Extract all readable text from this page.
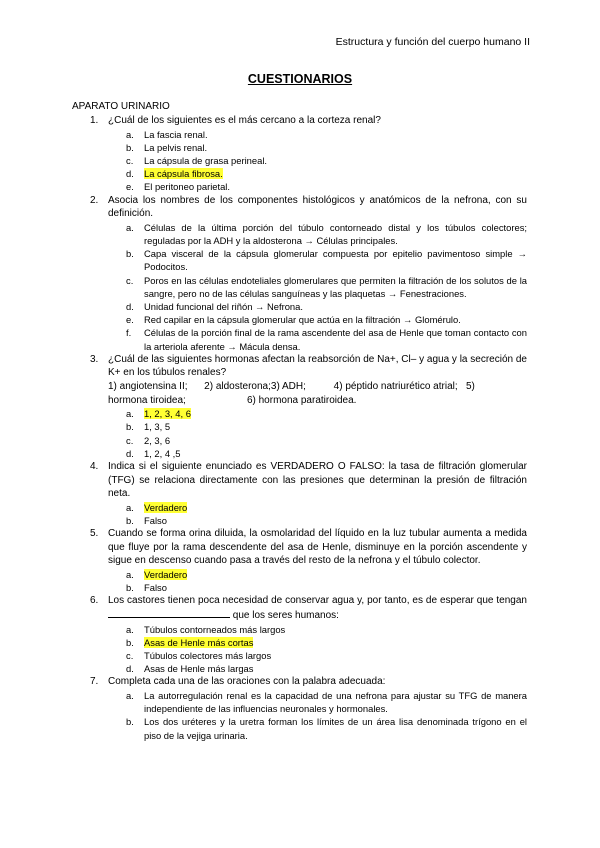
Estructura y función del cuerpo humano II
CUESTIONARIOS
APARATO URINARIO
1. ¿Cuál de los siguientes es el más cercano a la corteza renal?
a. La fascia renal.
b. La pelvis renal.
c. La cápsula de grasa perineal.
d. La cápsula fibrosa.
e. El peritoneo parietal.
2. Asocia los nombres de los componentes histológicos y anatómicos de la nefrona, con su definición.
a. Células de la última porción del túbulo contorneado distal y los túbulos colectores; reguladas por la ADH y la aldosterona → Células principales.
b. Capa visceral de la cápsula glomerular compuesta por epitelio pavimentoso simple → Podocitos.
c. Poros en las células endoteliales glomerulares que permiten la filtración de los solutos de la sangre, pero no de las células sanguíneas y las plaquetas → Fenestraciones.
d. Unidad funcional del riñón → Nefrona.
e. Red capilar en la cápsula glomerular que actúa en la filtración → Glomérulo.
f. Células de la porción final de la rama ascendente del asa de Henle que toman contacto con la arteriola aferente → Mácula densa.
3. ¿Cuál de las siguientes hormonas afectan la reabsorción de Na+, Cl– y agua y la secreción de K+ en los túbulos renales?
1) angiotensina II;      2) aldosterona;3) ADH;          4) péptido natriurético atrial;   5)
hormona tiroidea;                      6) hormona paratiroidea.
a. 1, 2, 3, 4, 6
b. 1, 3, 5
c. 2, 3, 6
d. 1, 2, 4 ,5
4. Indica si el siguiente enunciado es VERDADERO O FALSO: la tasa de filtración glomerular (TFG) se relaciona directamente con las presiones que determinan la presión de filtración neta.
a. Verdadero
b. Falso
5. Cuando se forma orina diluida, la osmolaridad del líquido en la luz tubular aumenta a medida que fluye por la rama descendente del asa de Henle, disminuye en la porción ascendente y sigue en descenso cuando pasa a través del resto de la nefrona y el túbulo colector.
a. Verdadero
b. Falso
6. Los castores tienen poca necesidad de conservar agua y, por tanto, es de esperar que tengan  que los seres humanos:
a. Túbulos contorneados más largos
b. Asas de Henle más cortas
c. Túbulos colectores más largos
d. Asas de Henle más largas
7. Completa cada una de las oraciones con la palabra adecuada:
a. La autorregulación renal es la capacidad de una nefrona para ajustar su TFG de manera independiente de las influencias neuronales y hormonales.
b. Los dos uréteres y la uretra forman los límites de un área lisa denominada trígono en el piso de la vejiga urinaria.
